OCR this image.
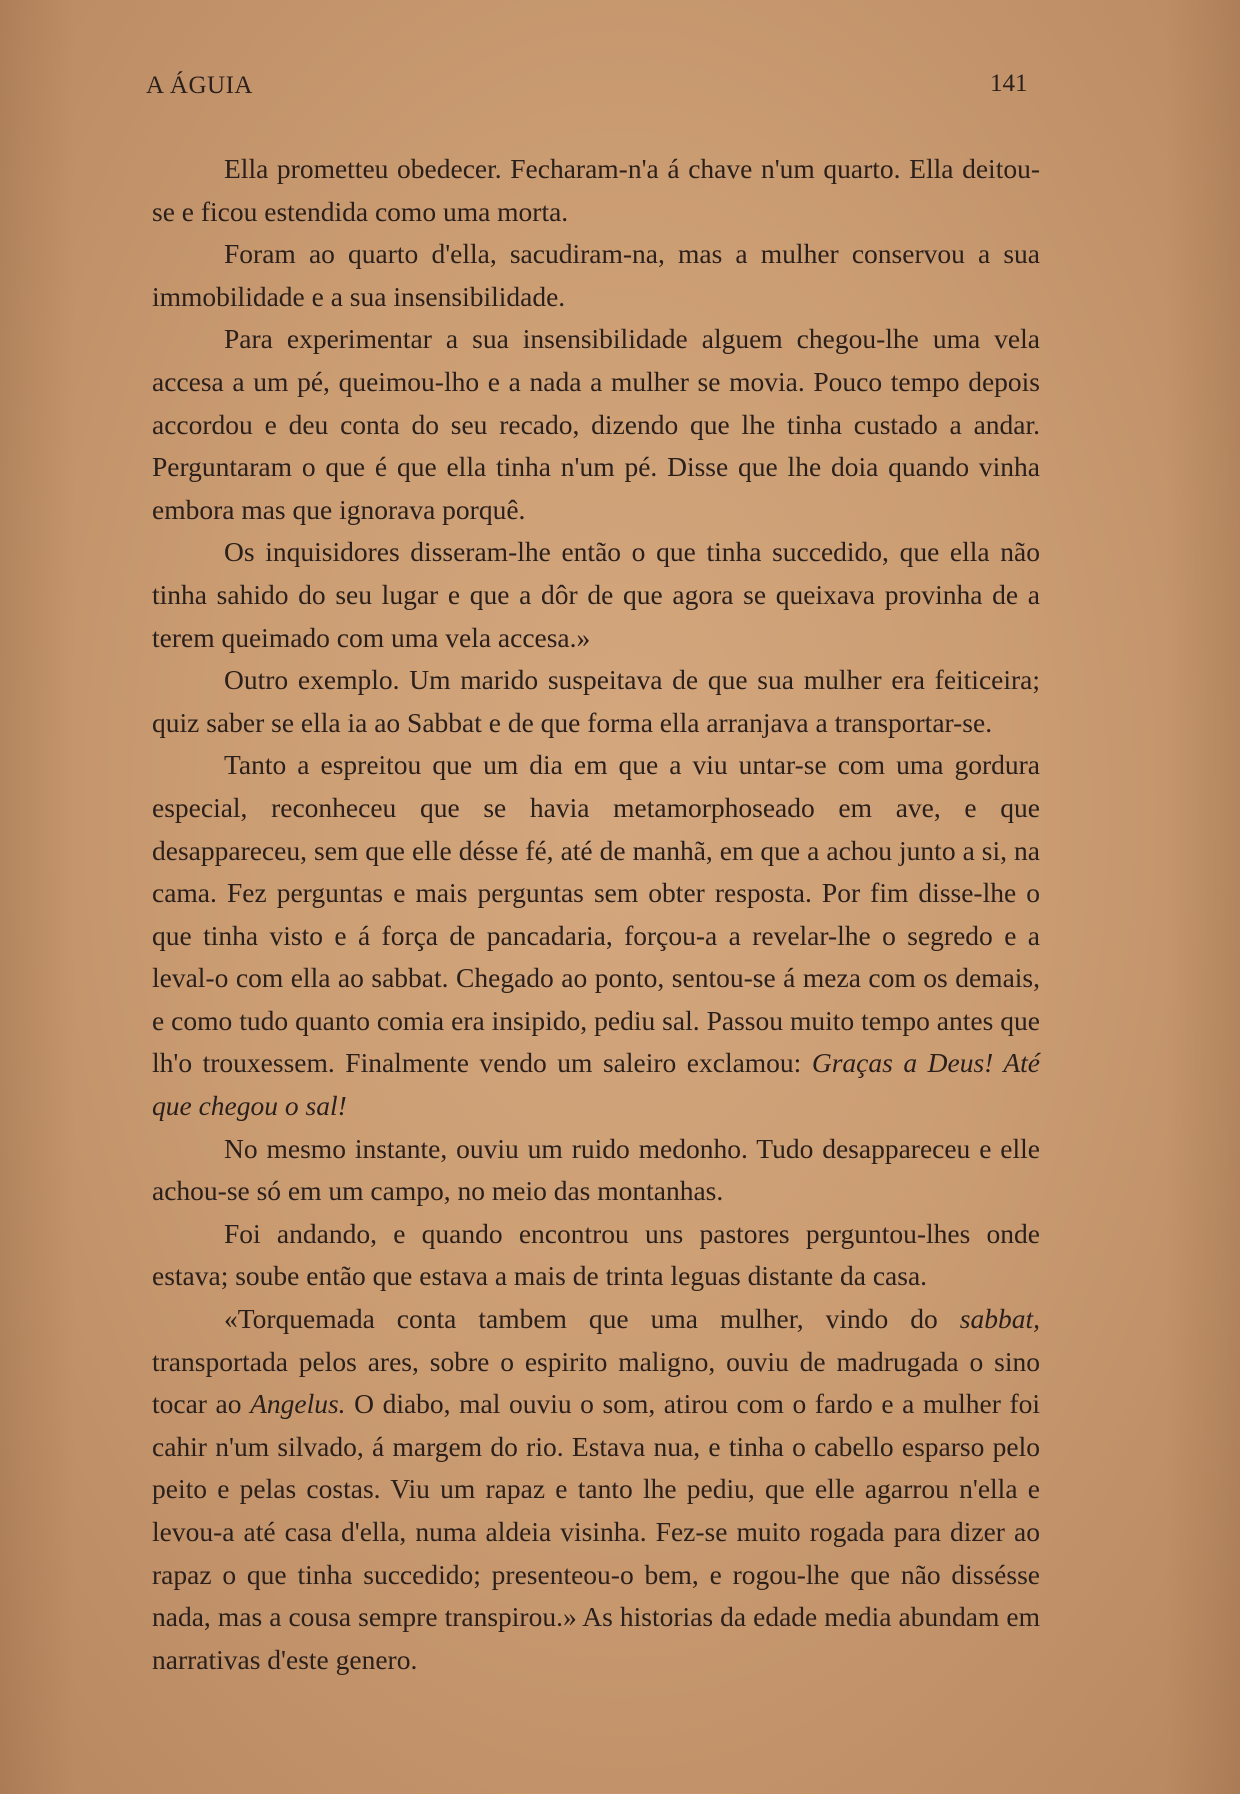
A ÁGUIA	141

Ella prometteu obedecer. Fecharam-n'a á chave n'um quarto. Ella deitou-se e ficou estendida como uma morta.

Foram ao quarto d'ella, sacudiram-na, mas a mulher conservou a sua immobilidade e a sua insensibilidade.

Para experimentar a sua insensibilidade alguem chegou-lhe uma vela accesa a um pé, queimou-lho e a nada a mulher se movia. Pouco tempo depois accordou e deu conta do seu recado, dizendo que lhe tinha custado a andar. Perguntaram o que é que ella tinha n'um pé. Disse que lhe doia quando vinha embora mas que ignorava porquê.

Os inquisidores disseram-lhe então o que tinha succedido, que ella não tinha sahido do seu lugar e que a dôr de que agora se queixava provinha de a terem queimado com uma vela accesa.»

Outro exemplo. Um marido suspeitava de que sua mulher era feiticeira; quiz saber se ella ia ao Sabbat e de que forma ella arranjava a transportar-se.

Tanto a espreitou que um dia em que a viu untar-se com uma gordura especial, reconheceu que se havia metamorphoseado em ave, e que desappareceu, sem que elle désse fé, até de manhã, em que a achou junto a si, na cama. Fez perguntas e mais perguntas sem obter resposta. Por fim disse-lhe o que tinha visto e á força de pancadaria, forçou-a a revelar-lhe o segredo e a leval-o com ella ao sabbat. Chegado ao ponto, sentou-se á meza com os demais, e como tudo quanto comia era insipido, pediu sal. Passou muito tempo antes que lh'o trouxessem. Finalmente vendo um saleiro exclamou: Graças a Deus! Até que chegou o sal!

No mesmo instante, ouviu um ruido medonho. Tudo desappareceu e elle achou-se só em um campo, no meio das montanhas.

Foi andando, e quando encontrou uns pastores perguntou-lhes onde estava; soube então que estava a mais de trinta leguas distante da casa.

«Torquemada conta tambem que uma mulher, vindo do sabbat, transportada pelos ares, sobre o espirito maligno, ouviu de madrugada o sino tocar ao Angelus. O diabo, mal ouviu o som, atirou com o fardo e a mulher foi cahir n'um silvado, á margem do rio. Estava nua, e tinha o cabello esparso pelo peito e pelas costas. Viu um rapaz e tanto lhe pediu, que elle agarrou n'ella e levou-a até casa d'ella, numa aldeia visinha. Fez-se muito rogada para dizer ao rapaz o que tinha succedido; presenteou-o bem, e rogou-lhe que não dissésse nada, mas a cousa sempre transpirou.» As historias da edade media abundam em narrativas d'este genero.
